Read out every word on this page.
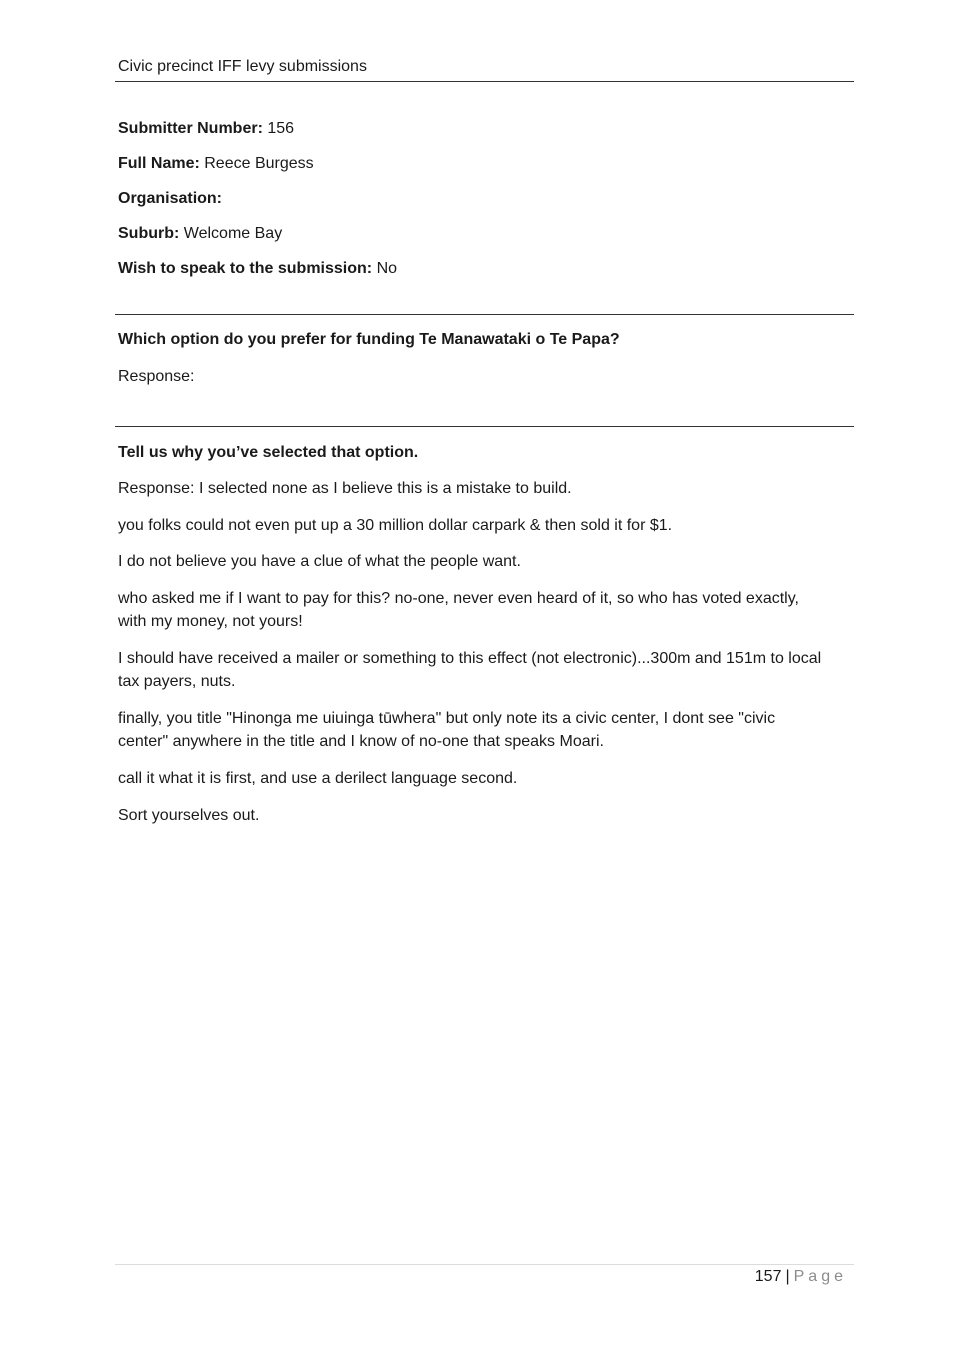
Civic precinct IFF levy submissions
Submitter Number: 156
Full Name: Reece Burgess
Organisation:
Suburb: Welcome Bay
Wish to speak to the submission: No
Which option do you prefer for funding Te Manawataki o Te Papa?
Response:
Tell us why you’ve selected that option.
Response: I selected none as I believe this is a mistake to build.
you folks could not even put up a 30 million dollar carpark & then sold it for $1.
I do not believe you have a clue of what the people want.
who asked me if I want to pay for this? no-one, never even heard of it, so who has voted exactly,
with my money, not yours!
I should have received a mailer or something to this effect (not electronic)...300m and 151m to local
tax payers, nuts.
finally, you title "Hinonga me uiuinga tūwhera" but only note its a civic center, I dont see "civic
center" anywhere in the title and I know of no-one that speaks Moari.
call it what it is first, and use a derilect language second.
Sort yourselves out.
157 | Page
